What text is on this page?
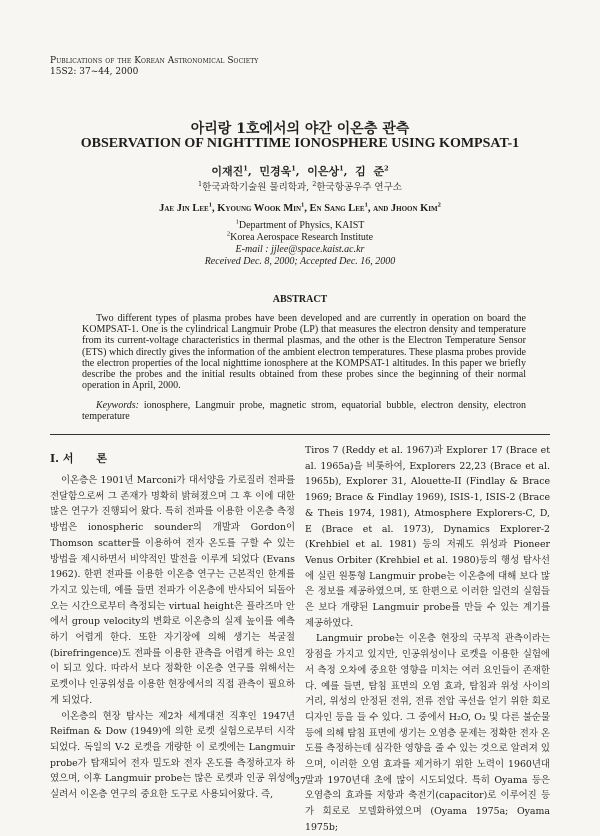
Publications of the Korean Astronomical Society
15S2: 37~44, 2000
아리랑 1호에서의 야간 이온층 관측
OBSERVATION OF NIGHTTIME IONOSPHERE USING KOMPSAT-1
이재진$^1$,  민경욱$^1$,  이은상$^1$,  김  준$^2$
$^1$한국과학기술원 물리학과, $^2$한국항공우주 연구소
Jae Jin Lee$^1$, Kyoung Wook Min$^1$, En Sang Lee$^1$, and Jhoon Kim$^2$
$^1$Department of Physics, KAIST
$^2$Korea Aerospace Research Institute
E-mail : jjlee@space.kaist.ac.kr
Received Dec. 8, 2000; Accepted Dec. 16, 2000
ABSTRACT
Two different types of plasma probes have been developed and are currently in operation on board the KOMPSAT-1. One is the cylindrical Langmuir Probe (LP) that measures the electron density and temperature from its current-voltage characteristics in thermal plasmas, and the other is the Electron Temperature Sensor (ETS) which directly gives the information of the ambient electron temperatures. These plasma probes provide the electron properties of the local nighttime ionosphere at the KOMPSAT-1 altitudes. In this paper we briefly describe the probes and the initial results obtained from these probes since the beginning of their normal operation in April, 2000.
Keywords: ionosphere, Langmuir probe, magnetic strom, equatorial bubble, electron density, electron temperature
I. 서      론

이온층은 1901년 Marconi가 대서양을 가로질러 전파를 전달함으로써 그 존재가 명확히 밝혀졌으며 그 후 이에 대한 많은 연구가 진행되어 왔다. 특히 전파를 이용한 이온층 측정 방법은 ionospheric sounder의 개발과 Gordon이 Thomson scatter를 이용하여 전자 온도를 구할 수 있는 방법을 제시하면서 비약적인 발전을 이루게 되었다 (Evans 1962). 한편 전파를 이용한 이온층 연구는 근본적인 한계를 가지고 있는데, 예를 들면 전파가 이온층에 반사되어 되돌아오는 시간으로부터 측정되는 virtual height은 플라즈마 안에서 group velocity의 변화로 이온층의 실제 높이를 예측하기 어렵게 한다. 또한 자기장에 의해 생기는 복굴절(birefringence)도 전파를 이용한 관측을 어렵게 하는 요인이 되고 있다. 따라서 보다 정확한 이온층 연구를 위해서는 로켓이나 인공위성을 이용한 현장에서의 직접 관측이 필요하게 되었다.

이온층의 현장 탐사는 제2차 세계대전 직후인 1947년 Reifman & Dow (1949)에 의한 로켓 실험으로부터 시작되었다. 독일의 V-2 로켓을 개량한 이 로켓에는 Langmuir probe가 탑재되어 전자 밀도와 전자 온도를 측정하고자 하였으며, 이후 Langmuir probe는 많은 로켓과 인공 위성에 실려서 이온층 연구의 중요한 도구로 사용되어왔다. 즉,

Tiros 7 (Reddy et al. 1967)과 Explorer 17 (Brace et al. 1965a)을 비롯하여, Explorers 22,23 (Brace et al. 1965b), Explorer 31, Alouette-II (Findlay & Brace 1969; Brace & Findlay 1969), ISIS-1, ISIS-2 (Brace & Theis 1974, 1981), Atmosphere Explorers-C, D, E (Brace et al. 1973), Dynamics Explorer-2 (Krehbiel et al. 1981) 등의 저궤도 위성과 Pioneer Venus Orbiter (Krehbiel et al. 1980)등의 행성 탐사선에 실린 원통형 Langmuir probe는 이온층에 대해 보다 많은 정보를 제공하였으며, 또 한편으로 이러한 일련의 실험들은 보다 개량된 Langmuir probe를 만들 수 있는 계기를 제공하였다.

Langmuir probe는 이온층 현장의 국부적 관측이라는 장점을 가지고 있지만, 인공위성이나 로켓을 이용한 실험에서 측정 오차에 중요한 영향을 미치는 여러 요인들이 존재한다. 예를 들면, 탐침 표면의 오염 효과, 탐침과 위성 사이의 거리, 위성의 안정된 전위, 전류 전압 곡선을 얻기 위한 회로 디자인 등을 들 수 있다. 그 중에서 H₂O, O₂ 및 다른 불순물 등에 의해 탐침 표면에 생기는 오염층 문제는 정확한 전자 온도를 측정하는데 심각한 영향을 줄 수 있는 것으로 알려져 있으며, 이러한 오염 효과를 제거하기 위한 노력이 1960년대 말과 1970년대 초에 많이 시도되었다. 특히 Oyama 등은 오염층의 효과를 저항과 축전기(capacitor)로 이루어진 등가 회로로 모델화하였으며 (Oyama 1975a; Oyama 1975b;

37
